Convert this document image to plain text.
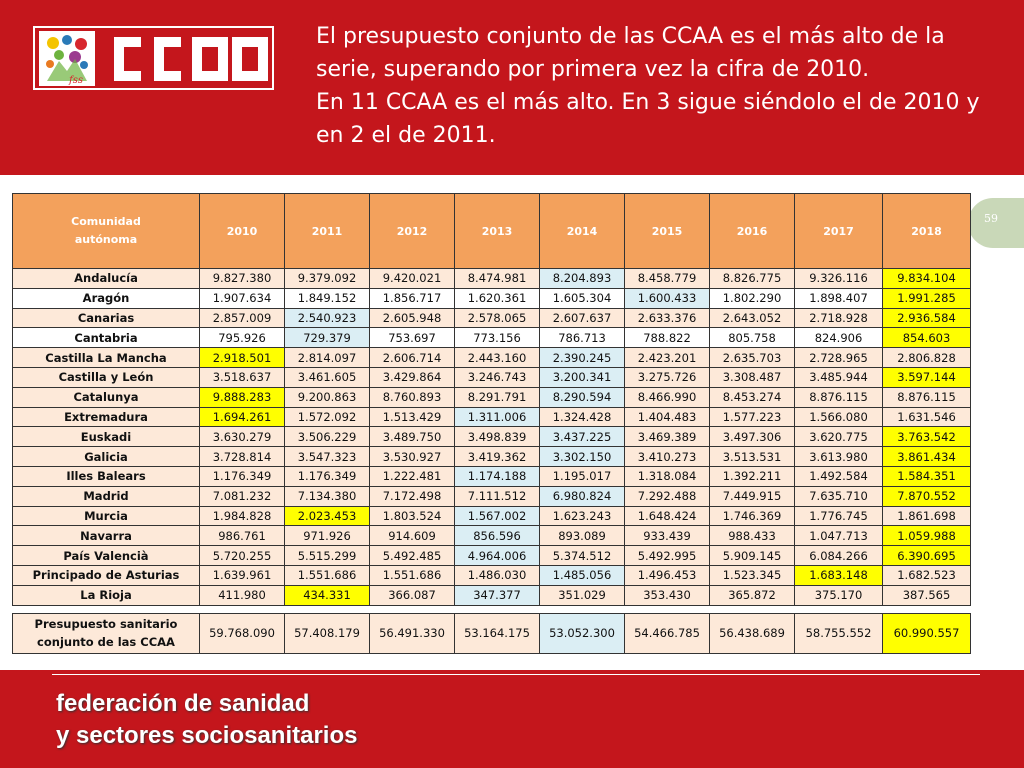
fss
El presupuesto conjunto de las CCAA es el más alto de la
serie, superando por primera vez la cifra de 2010.
En 11 CCAA es el más alto. En 3 sigue siéndolo el de 2010 y
en 2 el de 2011.
59
Comunidad
autónoma	2010	2011	2012	2013	2014	2015	2016	2017	2018
Andalucía	9.827.380	9.379.092	9.420.021	8.474.981	8.204.893	8.458.779	8.826.775	9.326.116	9.834.104
Aragón	1.907.634	1.849.152	1.856.717	1.620.361	1.605.304	1.600.433	1.802.290	1.898.407	1.991.285
Canarias	2.857.009	2.540.923	2.605.948	2.578.065	2.607.637	2.633.376	2.643.052	2.718.928	2.936.584
Cantabria	795.926	729.379	753.697	773.156	786.713	788.822	805.758	824.906	854.603
Castilla La Mancha	2.918.501	2.814.097	2.606.714	2.443.160	2.390.245	2.423.201	2.635.703	2.728.965	2.806.828
Castilla y León	3.518.637	3.461.605	3.429.864	3.246.743	3.200.341	3.275.726	3.308.487	3.485.944	3.597.144
Catalunya	9.888.283	9.200.863	8.760.893	8.291.791	8.290.594	8.466.990	8.453.274	8.876.115	8.876.115
Extremadura	1.694.261	1.572.092	1.513.429	1.311.006	1.324.428	1.404.483	1.577.223	1.566.080	1.631.546
Euskadi	3.630.279	3.506.229	3.489.750	3.498.839	3.437.225	3.469.389	3.497.306	3.620.775	3.763.542
Galicia	3.728.814	3.547.323	3.530.927	3.419.362	3.302.150	3.410.273	3.513.531	3.613.980	3.861.434
Illes Balears	1.176.349	1.176.349	1.222.481	1.174.188	1.195.017	1.318.084	1.392.211	1.492.584	1.584.351
Madrid	7.081.232	7.134.380	7.172.498	7.111.512	6.980.824	7.292.488	7.449.915	7.635.710	7.870.552
Murcia	1.984.828	2.023.453	1.803.524	1.567.002	1.623.243	1.648.424	1.746.369	1.776.745	1.861.698
Navarra	986.761	971.926	914.609	856.596	893.089	933.439	988.433	1.047.713	1.059.988
País Valencià	5.720.255	5.515.299	5.492.485	4.964.006	5.374.512	5.492.995	5.909.145	6.084.266	6.390.695
Principado de Asturias	1.639.961	1.551.686	1.551.686	1.486.030	1.485.056	1.496.453	1.523.345	1.683.148	1.682.523
La Rioja	411.980	434.331	366.087	347.377	351.029	353.430	365.872	375.170	387.565

Presupuesto sanitario
conjunto de las CCAA	59.768.090	57.408.179	56.491.330	53.164.175	53.052.300	54.466.785	56.438.689	58.755.552	60.990.557
federación de sanidad
y sectores sociosanitarios
